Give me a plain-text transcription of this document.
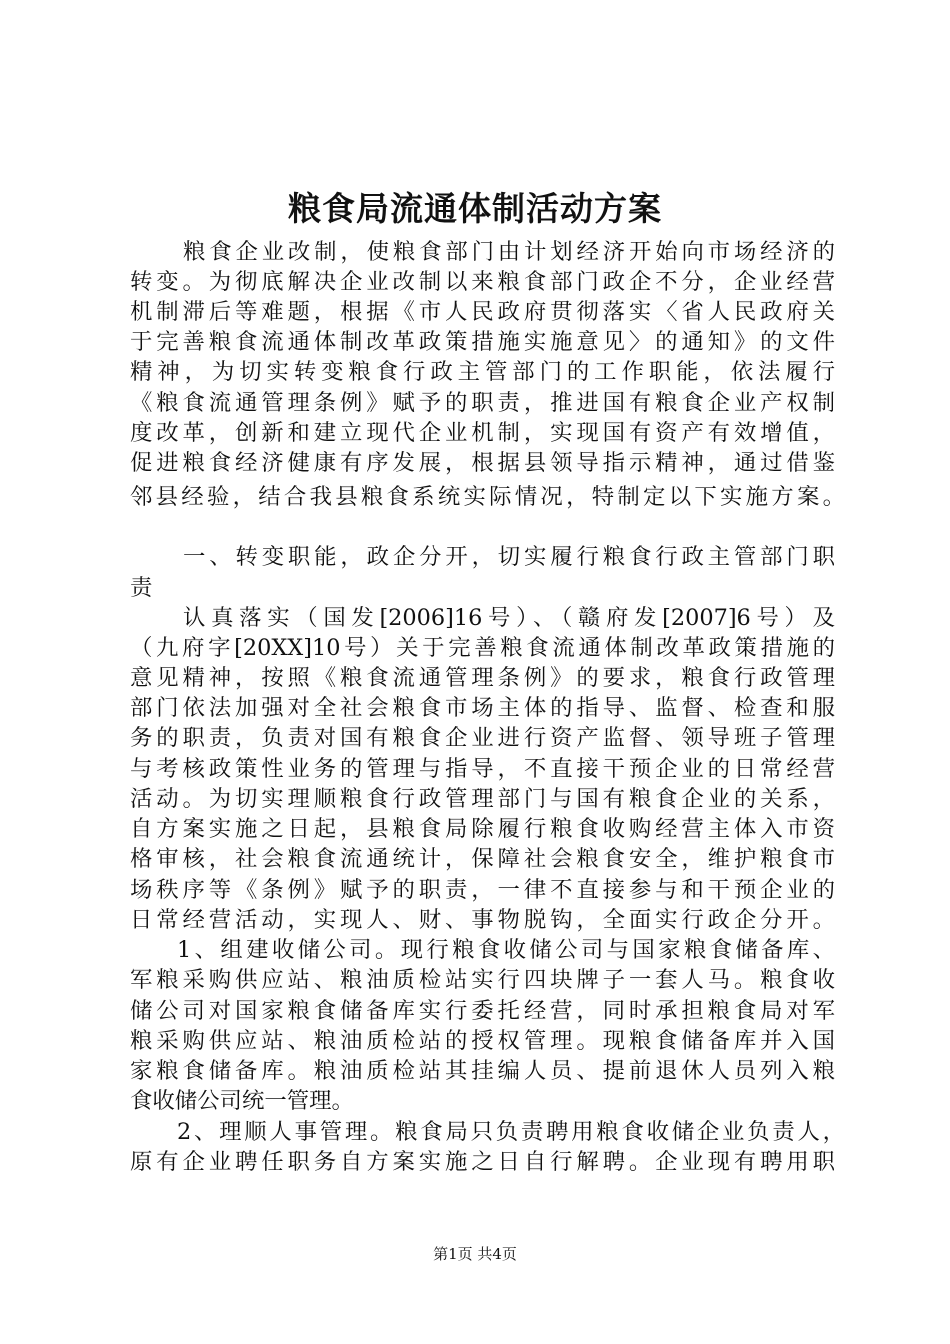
粮食局流通体制活动方案
粮食企业改制，使粮食部门由计划经济开始向市场经济的
转变。为彻底解决企业改制以来粮食部门政企不分，企业经营
机制滞后等难题，根据《市人民政府贯彻落实〈省人民政府关
于完善粮食流通体制改革政策措施实施意见〉的通知》的文件
精神，为切实转变粮食行政主管部门的工作职能，依法履行
《粮食流通管理条例》赋予的职责，推进国有粮食企业产权制
度改革，创新和建立现代企业机制，实现国有资产有效增值，
促进粮食经济健康有序发展，根据县领导指示精神，通过借鉴
邻县经验，结合我县粮食系统实际情况，特制定以下实施方案。
一、转变职能，政企分开，切实履行粮食行政主管部门职
责
认真落实（国发[2006]16号）、（赣府发[2007]6号）及
（九府字[20XX]10号）关于完善粮食流通体制改革政策措施的
意见精神，按照《粮食流通管理条例》的要求，粮食行政管理
部门依法加强对全社会粮食市场主体的指导、监督、检查和服
务的职责，负责对国有粮食企业进行资产监督、领导班子管理
与考核政策性业务的管理与指导，不直接干预企业的日常经营
活动。为切实理顺粮食行政管理部门与国有粮食企业的关系，
自方案实施之日起，县粮食局除履行粮食收购经营主体入市资
格审核，社会粮食流通统计，保障社会粮食安全，维护粮食市
场秩序等《条例》赋予的职责，一律不直接参与和干预企业的
日常经营活动，实现人、财、事物脱钩，全面实行政企分开。
1、组建收储公司。现行粮食收储公司与国家粮食储备库、
军粮采购供应站、粮油质检站实行四块牌子一套人马。粮食收
储公司对国家粮食储备库实行委托经营，同时承担粮食局对军
粮采购供应站、粮油质检站的授权管理。现粮食储备库并入国
家粮食储备库。粮油质检站其挂编人员、提前退休人员列入粮
食收储公司统一管理。
2、理顺人事管理。粮食局只负责聘用粮食收储企业负责人，
原有企业聘任职务自方案实施之日自行解聘。企业现有聘用职
第1页 共4页
